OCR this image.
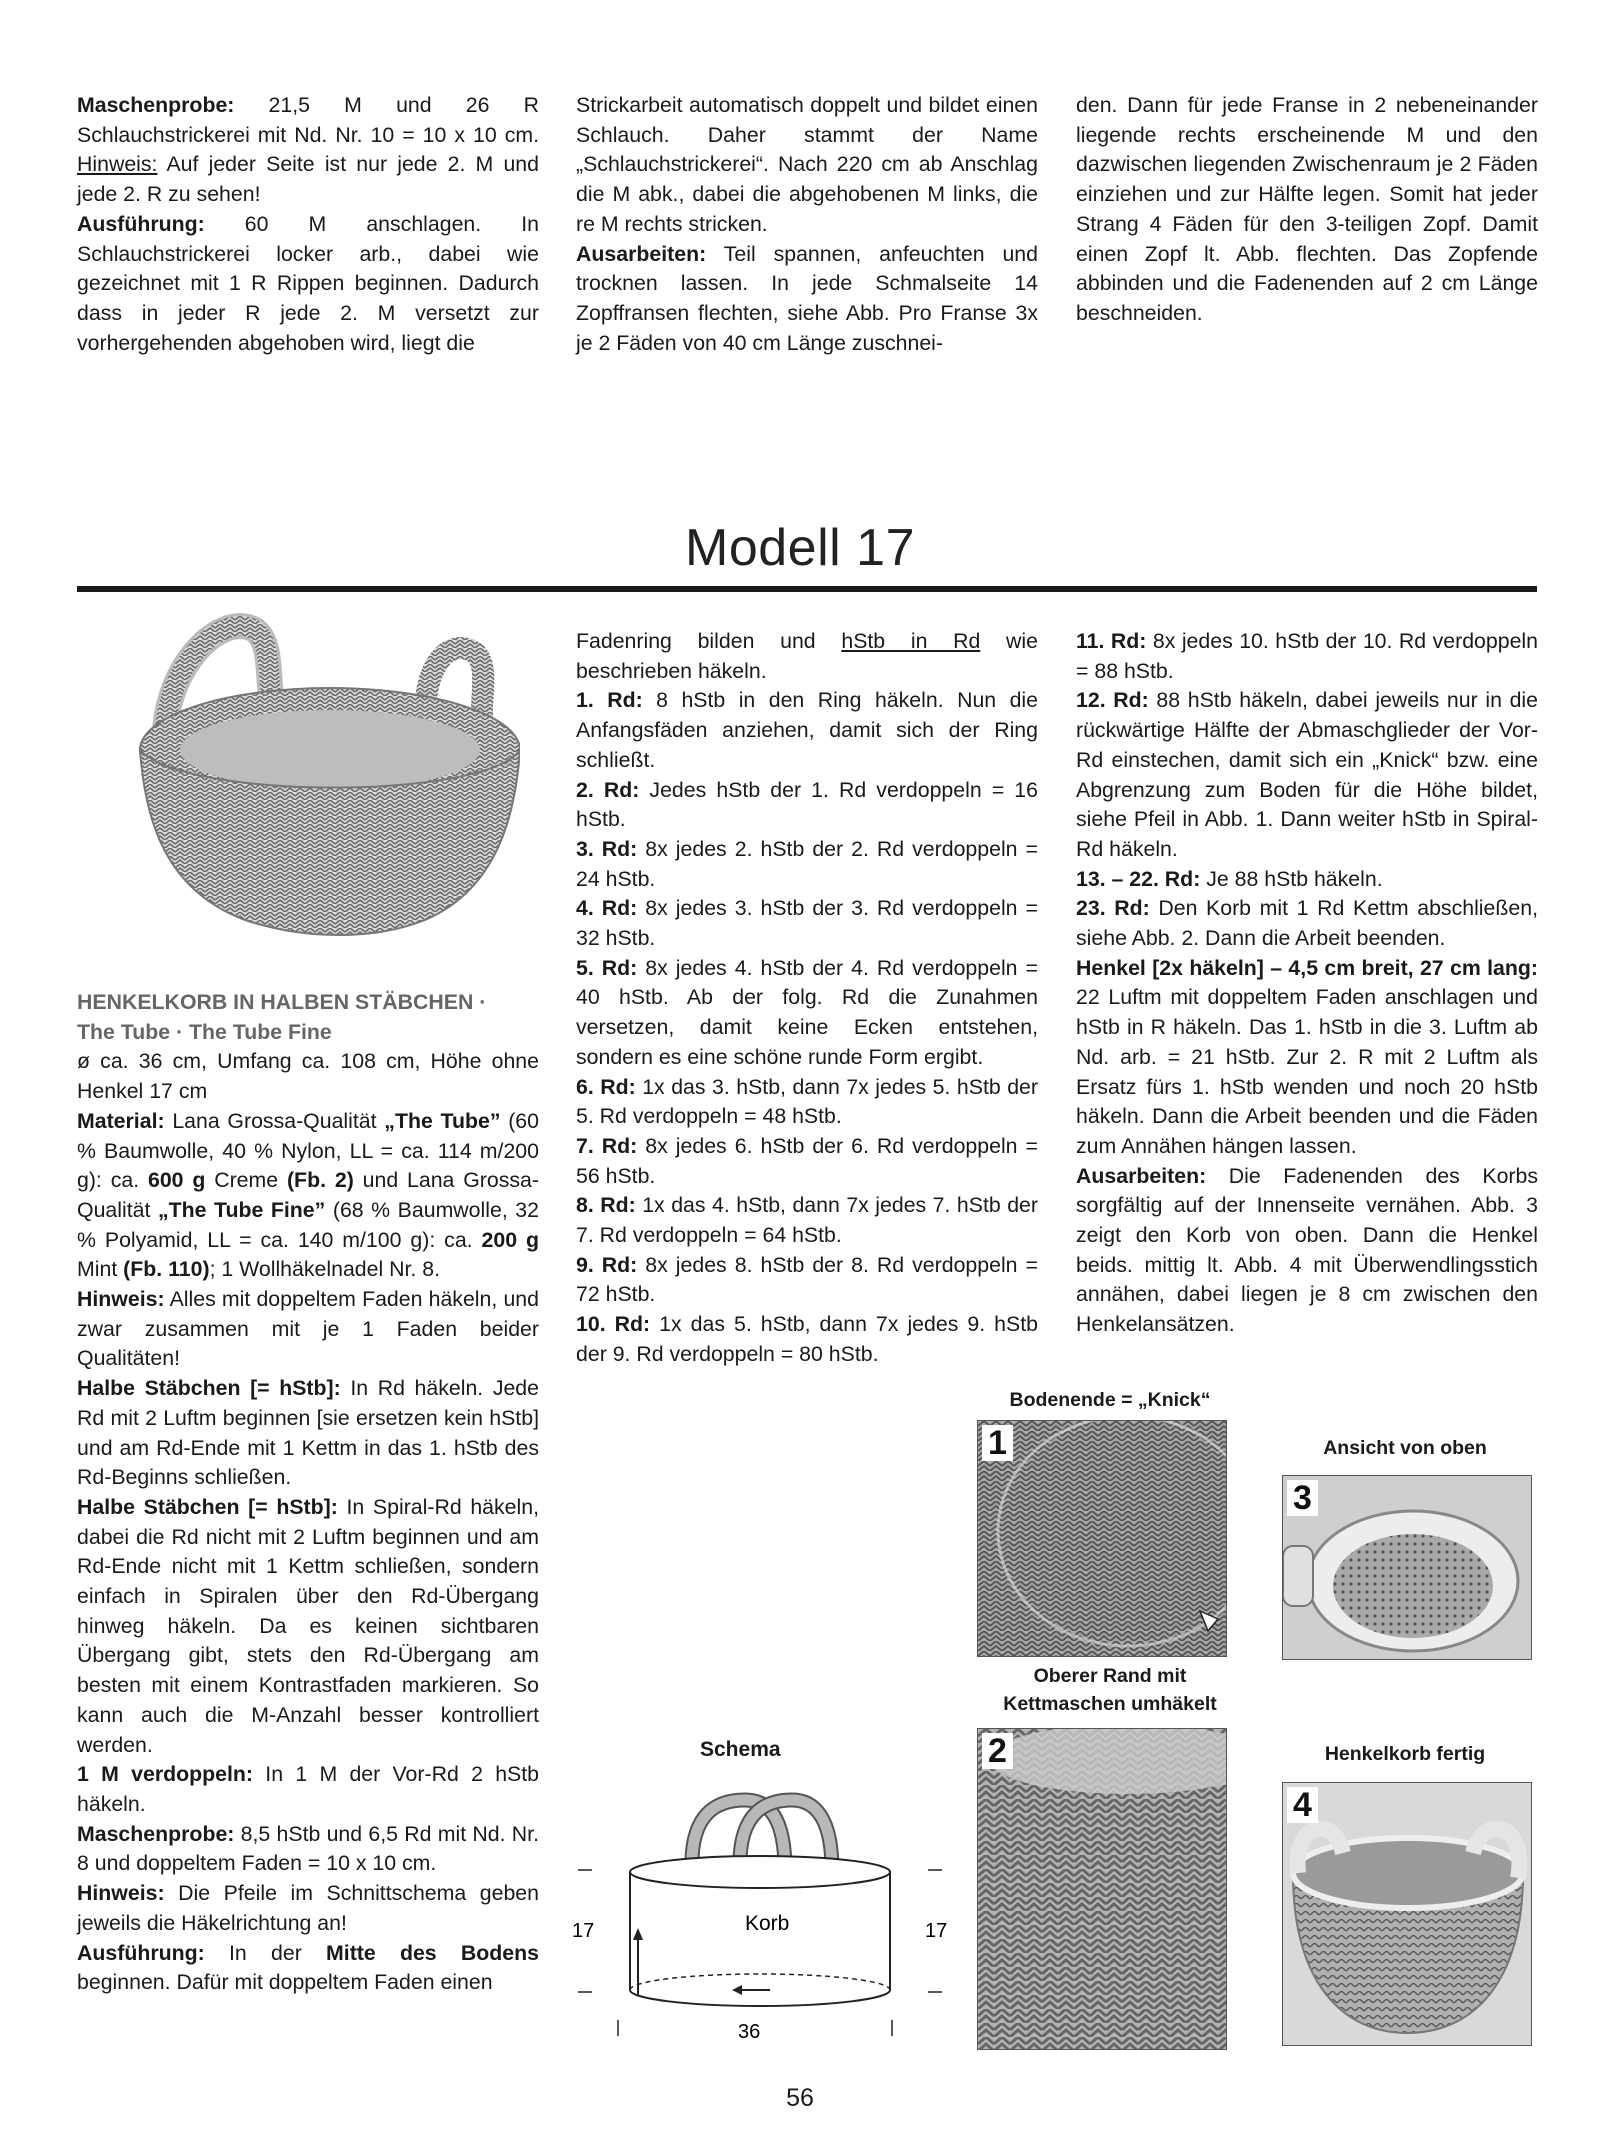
Maschenprobe: 21,5 M und 26 R Schlauchstrickerei mit Nd. Nr. 10 = 10 x 10 cm. Hinweis: Auf jeder Seite ist nur jede 2. M und jede 2. R zu sehen!

Ausführung: 60 M anschlagen. In Schlauchstrickerei locker arb., dabei wie gezeichnet mit 1 R Rippen beginnen. Dadurch dass in jeder R jede 2. M versetzt zur vorhergehenden abgehoben wird, liegt die

Strickarbeit automatisch doppelt und bildet einen Schlauch. Daher stammt der Name „Schlauchstrickerei“. Nach 220 cm ab Anschlag die M abk., dabei die abgehobenen M links, die re M rechts stricken.

Ausarbeiten: Teil spannen, anfeuchten und trocknen lassen. In jede Schmalseite 14 Zopffransen flechten, siehe Abb. Pro Franse 3x je 2 Fäden von 40 cm Länge zuschnei-

den. Dann für jede Franse in 2 nebeneinander liegende rechts erscheinende M und den dazwischen liegenden Zwischenraum je 2 Fäden einziehen und zur Hälfte legen. Somit hat jeder Strang 4 Fäden für den 3-teiligen Zopf. Damit einen Zopf lt. Abb. flechten. Das Zopfende abbinden und die Fadenenden auf 2 cm Länge beschneiden.

Modell 17

HENKELKORB IN HALBEN STÄBCHEN ·

The Tube · The Tube Fine

ø ca. 36 cm, Umfang ca. 108 cm, Höhe ohne Henkel 17 cm

Material: Lana Grossa-Qualität „The Tube” (60 % Baumwolle, 40 % Nylon, LL = ca. 114 m/200 g): ca. 600 g Creme (Fb. 2) und Lana Grossa-Qualität „The Tube Fine” (68 % Baumwolle, 32 % Polyamid, LL = ca. 140 m/100 g): ca. 200 g Mint (Fb. 110); 1 Wollhäkelnadel Nr. 8.

Hinweis: Alles mit doppeltem Faden häkeln, und zwar zusammen mit je 1 Faden beider Qualitäten!

Halbe Stäbchen [= hStb]: In Rd häkeln. Jede Rd mit 2 Luftm beginnen [sie ersetzen kein hStb] und am Rd-Ende mit 1 Kettm in das 1. hStb des Rd-Beginns schließen.

Halbe Stäbchen [= hStb]: In Spiral-Rd häkeln, dabei die Rd nicht mit 2 Luftm beginnen und am Rd-Ende nicht mit 1 Kettm schließen, sondern einfach in Spiralen über den Rd-Übergang hinweg häkeln. Da es keinen sichtbaren Übergang gibt, stets den Rd-Übergang am besten mit einem Kontrastfaden markieren. So kann auch die M-Anzahl besser kontrolliert werden.

1 M verdoppeln: In 1 M der Vor-Rd 2 hStb häkeln.

Maschenprobe: 8,5 hStb und 6,5 Rd mit Nd. Nr. 8 und doppeltem Faden = 10 x 10 cm.

Hinweis: Die Pfeile im Schnittschema geben jeweils die Häkelrichtung an!

Ausführung: In der Mitte des Bodens beginnen. Dafür mit doppeltem Faden einen

Fadenring bilden und hStb in Rd wie beschrieben häkeln.

1. Rd: 8 hStb in den Ring häkeln. Nun die Anfangsfäden anziehen, damit sich der Ring schließt.

2. Rd: Jedes hStb der 1. Rd verdoppeln = 16 hStb.

3. Rd: 8x jedes 2. hStb der 2. Rd verdoppeln = 24 hStb.

4. Rd: 8x jedes 3. hStb der 3. Rd verdoppeln = 32 hStb.

5. Rd: 8x jedes 4. hStb der 4. Rd verdoppeln = 40 hStb. Ab der folg. Rd die Zunahmen versetzen, damit keine Ecken entstehen, sondern es eine schöne runde Form ergibt.

6. Rd: 1x das 3. hStb, dann 7x jedes 5. hStb der 5. Rd verdoppeln = 48 hStb.

7. Rd: 8x jedes 6. hStb der 6. Rd verdoppeln = 56 hStb.

8. Rd: 1x das 4. hStb, dann 7x jedes 7. hStb der 7. Rd verdoppeln = 64 hStb.

9. Rd: 8x jedes 8. hStb der 8. Rd verdoppeln = 72 hStb.

10. Rd: 1x das 5. hStb, dann 7x jedes 9. hStb der 9. Rd verdoppeln = 80 hStb.

11. Rd: 8x jedes 10. hStb der 10. Rd verdoppeln = 88 hStb.

12. Rd: 88 hStb häkeln, dabei jeweils nur in die rückwärtige Hälfte der Abmaschglieder der Vor-Rd einstechen, damit sich ein „Knick“ bzw. eine Abgrenzung zum Boden für die Höhe bildet, siehe Pfeil in Abb. 1. Dann weiter hStb in Spiral-Rd häkeln.

13. – 22. Rd: Je 88 hStb häkeln.

23. Rd: Den Korb mit 1 Rd Kettm abschließen, siehe Abb. 2. Dann die Arbeit beenden.

Henkel [2x häkeln] – 4,5 cm breit, 27 cm lang: 22 Luftm mit doppeltem Faden anschlagen und hStb in R häkeln. Das 1. hStb in die 3. Luftm ab Nd. arb. = 21 hStb. Zur 2. R mit 2 Luftm als Ersatz fürs 1. hStb wenden und noch 20 hStb häkeln. Dann die Arbeit beenden und die Fäden zum Annähen hängen lassen.

Ausarbeiten: Die Fadenenden des Korbs sorgfältig auf der Innenseite vernähen. Abb. 3 zeigt den Korb von oben. Dann die Henkel beids. mittig lt. Abb. 4 mit Überwendlingsstich annähen, dabei liegen je 8 cm zwischen den Henkelansätzen.

Bodenende = „Knick“
Ansicht von oben
Oberer Rand mit
Kettmaschen umhäkelt
Henkelkorb fertig
1
2
3
4
Schema
Korb
17	17
36
56
